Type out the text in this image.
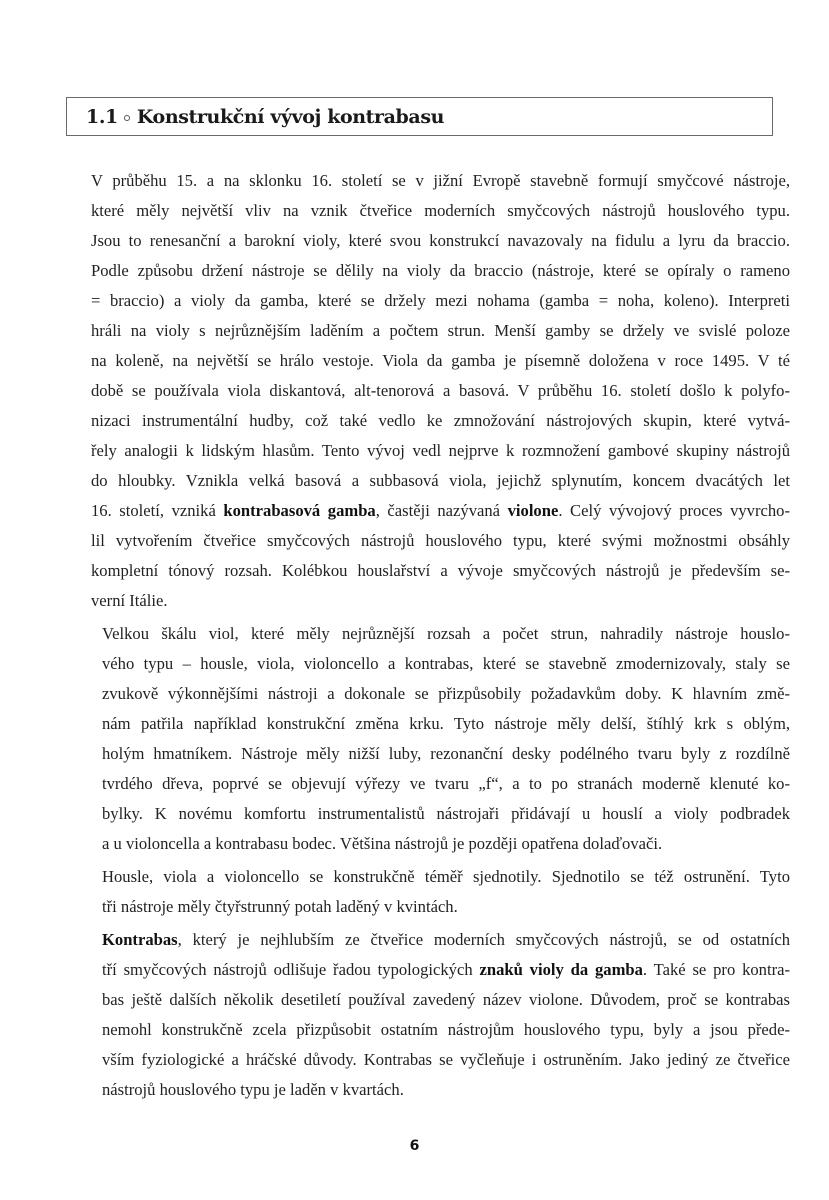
1.1 Konstrukční vývoj kontrabasu

V průběhu 15. a na sklonku 16. století se v jižní Evropě stavebně formují smyčcové nástroje,
které měly největší vliv na vznik čtveřice moderních smyčcových nástrojů houslového typu.
Jsou to renesanční a barokní violy, které svou konstrukcí navazovaly na fidulu a lyru da braccio.
Podle způsobu držení nástroje se dělily na violy da braccio (nástroje, které se opíraly o rameno
= braccio) a violy da gamba, které se držely mezi nohama (gamba = noha, koleno). Interpreti
hráli na violy s nejrůznějším laděním a počtem strun. Menší gamby se držely ve svislé poloze
na koleně, na největší se hrálo vestoje. Viola da gamba je písemně doložena v roce 1495. V té
době se používala viola diskantová, alt-tenorová a basová. V průběhu 16. století došlo k polyfo-
nizaci instrumentální hudby, což také vedlo ke zmnožování nástrojových skupin, které vytvá-
řely analogii k lidským hlasům. Tento vývoj vedl nejprve k rozmnožení gambové skupiny nástrojů
do hloubky. Vznikla velká basová a subbasová viola, jejichž splynutím, koncem dvacátých let
16. století, vzniká kontrabasová gamba, častěji nazývaná violone. Celý vývojový proces vyvrcho-
lil vytvořením čtveřice smyčcových nástrojů houslového typu, které svými možnostmi obsáhly
kompletní tónový rozsah. Kolébkou houslařství a vývoje smyčcových nástrojů je především se-
verní Itálie.

Velkou škálu viol, které měly nejrůznější rozsah a počet strun, nahradily nástroje houslo-
vého typu – housle, viola, violoncello a kontrabas, které se stavebně zmodernizovaly, staly se
zvukově výkonnějšími nástroji a dokonale se přizpůsobily požadavkům doby. K hlavním změ-
nám patřila například konstrukční změna krku. Tyto nástroje měly delší, štíhlý krk s oblým,
holým hmatníkem. Nástroje měly nižší luby, rezonanční desky podélného tvaru byly z rozdílně
tvrdého dřeva, poprvé se objevují výřezy ve tvaru „f“, a to po stranách moderně klenuté ko-
bylky. K novému komfortu instrumentalistů nástrojaři přidávají u houslí a violy podbradek
a u violoncella a kontrabasu bodec. Většina nástrojů je později opatřena dolaďovači.

Housle, viola a violoncello se konstrukčně téměř sjednotily. Sjednotilo se též ostrunění. Tyto
tři nástroje měly čtyřstrunný potah laděný v kvintách.

Kontrabas, který je nejhlubším ze čtveřice moderních smyčcových nástrojů, se od ostatních
tří smyčcových nástrojů odlišuje řadou typologických znaků violy da gamba. Také se pro kontra-
bas ještě dalších několik desetiletí používal zavedený název violone. Důvodem, proč se kontrabas
nemohl konstrukčně zcela přizpůsobit ostatním nástrojům houslového typu, byly a jsou přede-
vším fyziologické a hráčské důvody. Kontrabas se vyčleňuje i ostruněním. Jako jediný ze čtveřice
nástrojů houslového typu je laděn v kvartách.

6
